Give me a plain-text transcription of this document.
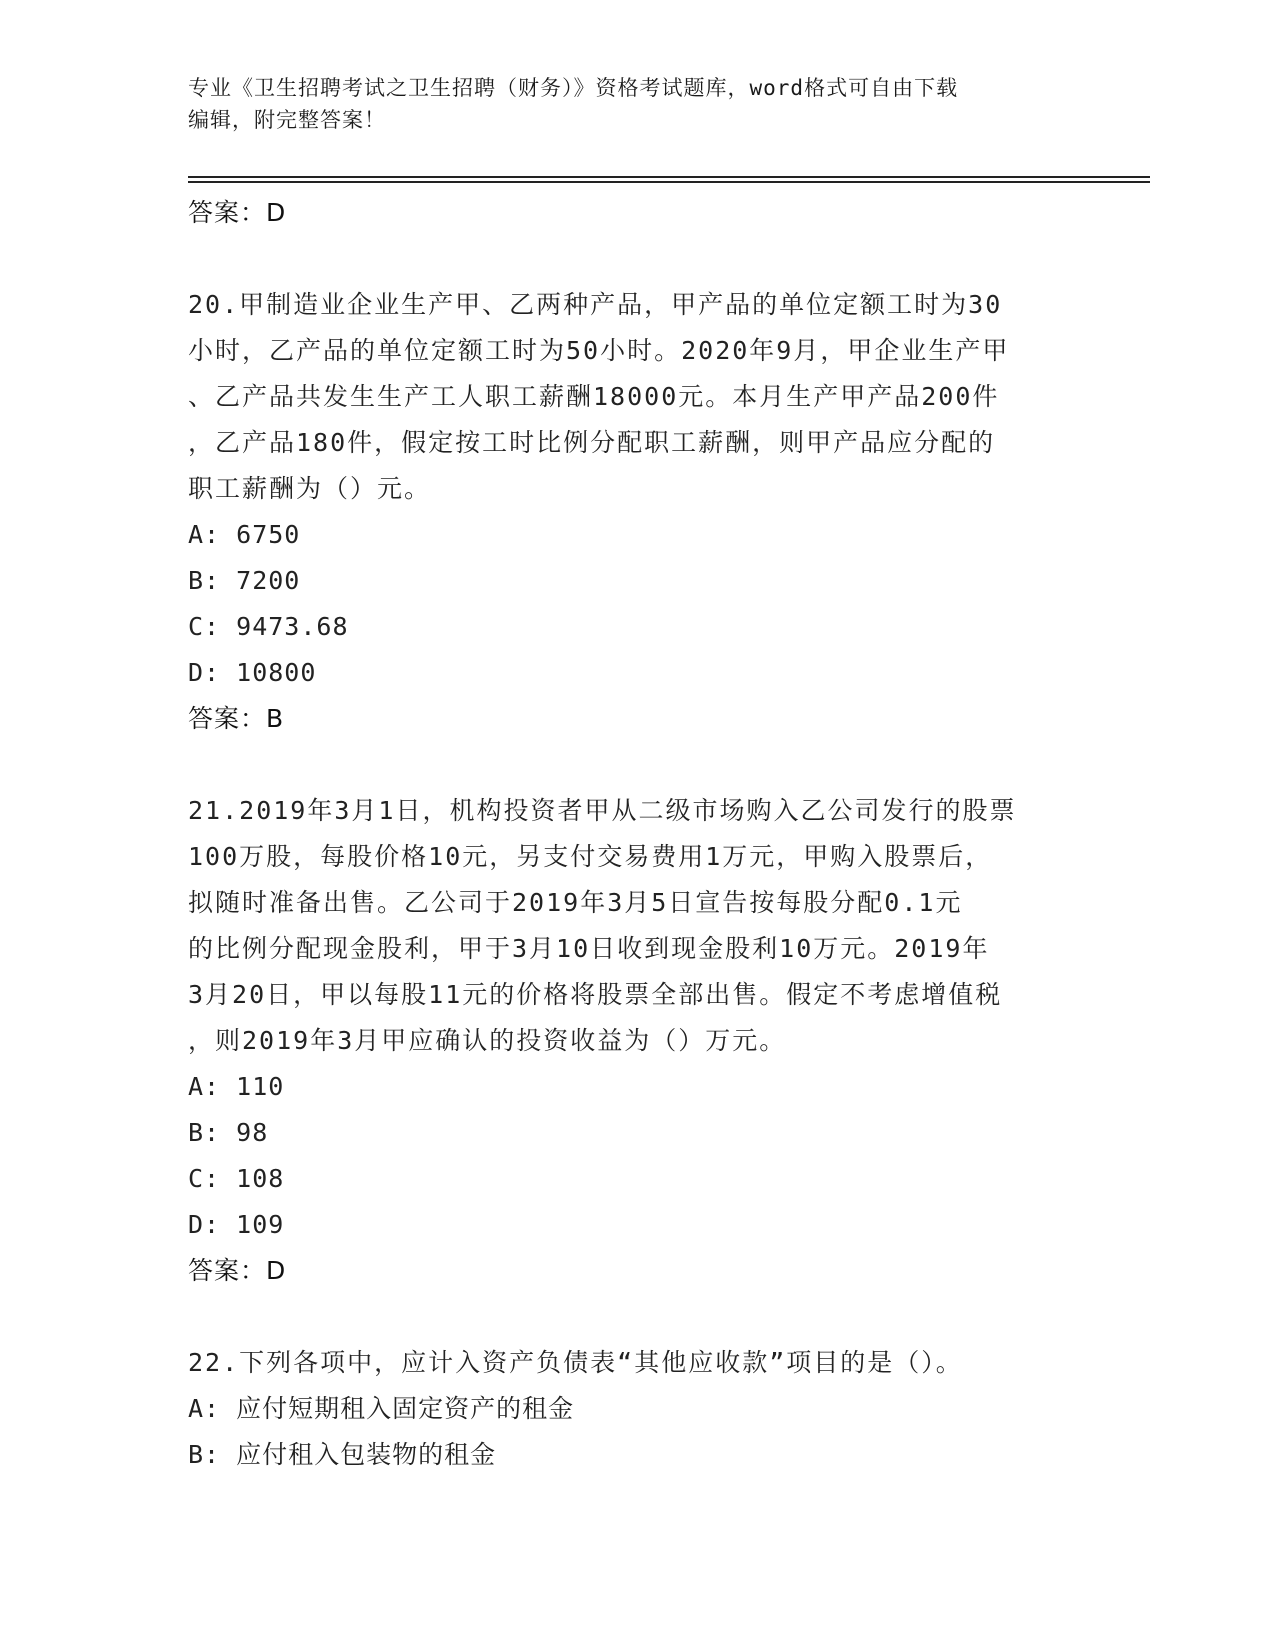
专业《卫生招聘考试之卫生招聘（财务）》资格考试题库，word格式可自由下载
编辑，附完整答案！
答案：D
20.甲制造业企业生产甲、乙两种产品，甲产品的单位定额工时为30
小时，乙产品的单位定额工时为50小时。2020年9月，甲企业生产甲
、乙产品共发生生产工人职工薪酬18000元。本月生产甲产品200件
，乙产品180件，假定按工时比例分配职工薪酬，则甲产品应分配的
职工薪酬为（）元。
A: 6750
B: 7200
C: 9473.68
D: 10800
答案：B
21.2019年3月1日，机构投资者甲从二级市场购入乙公司发行的股票
100万股，每股价格10元，另支付交易费用1万元，甲购入股票后，
拟随时准备出售。乙公司于2019年3月5日宣告按每股分配0.1元
的比例分配现金股利，甲于3月10日收到现金股利10万元。2019年
3月20日，甲以每股11元的价格将股票全部出售。假定不考虑增值税
，则2019年3月甲应确认的投资收益为（）万元。
A: 110
B: 98
C: 108
D: 109
答案：D
22.下列各项中，应计入资产负债表“其他应收款”项目的是（）。
A: 应付短期租入固定资产的租金
B: 应付租入包装物的租金
